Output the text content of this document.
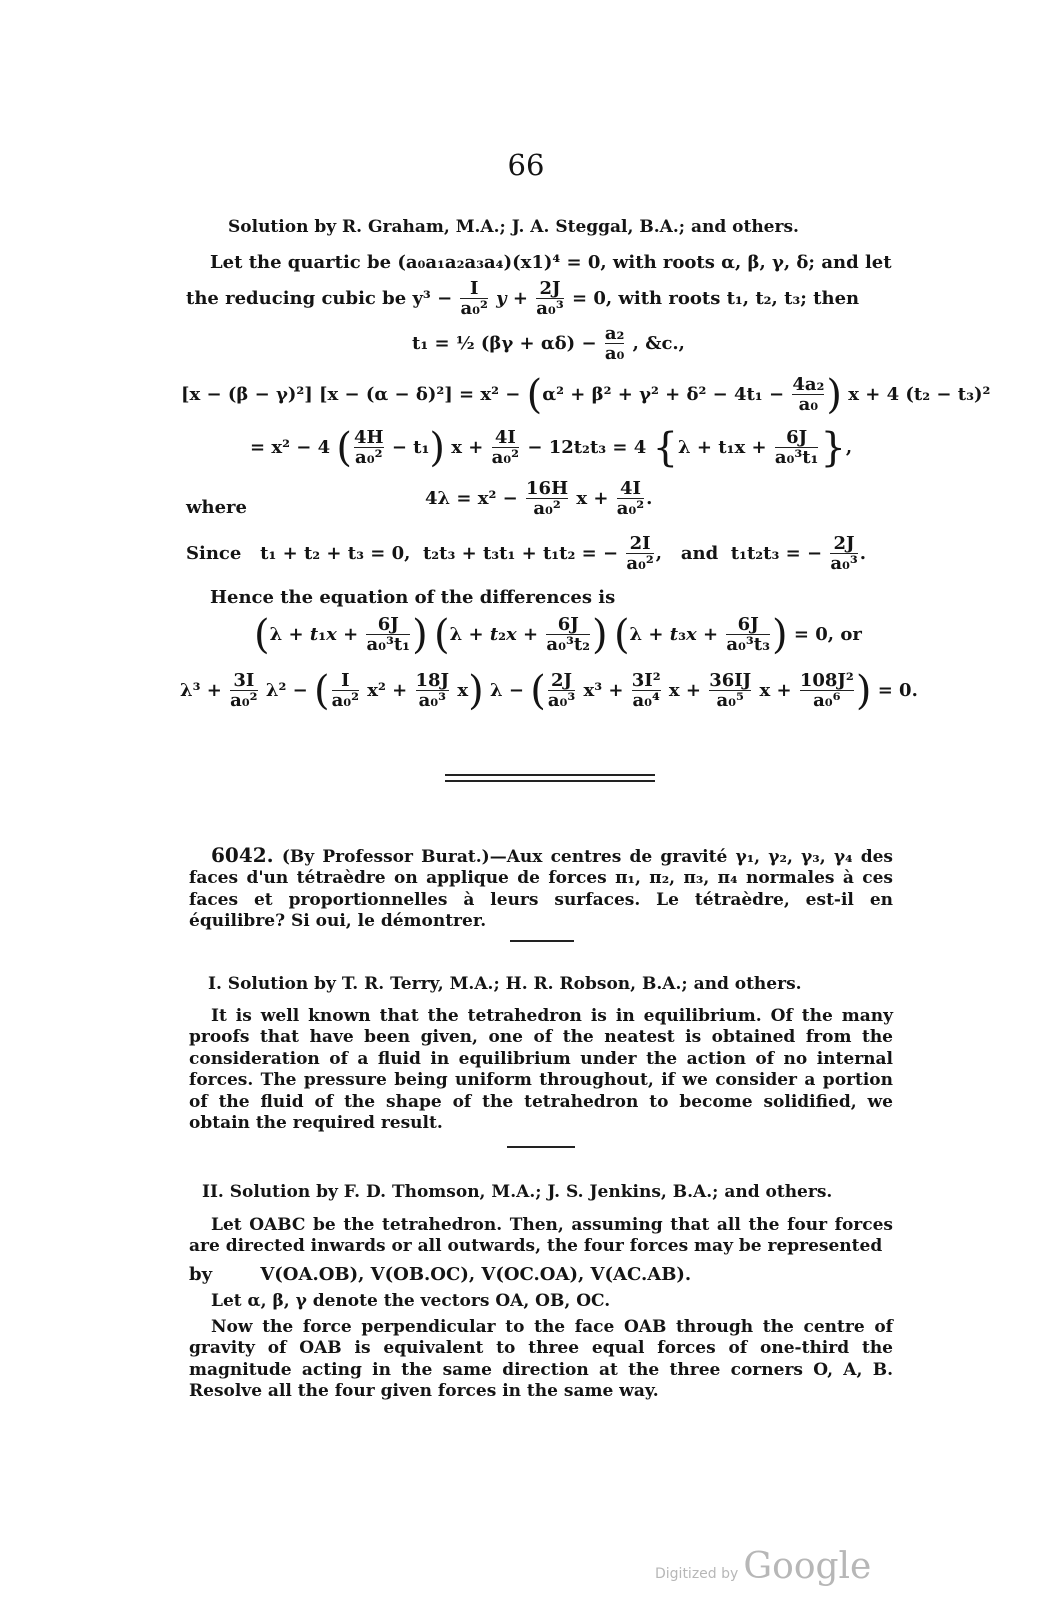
66
Solution by R. Graham, M.A.; J. A. Steggal, B.A.; and others.
Let the quartic be (a₀a₁a₂a₃a₄)(x1)⁴ = 0, with roots α, β, γ, δ; and let
the reducing cubic be $y^3 - \frac{I}{\text{a₀²}}$ $y + \frac{2J}{\text{a₀³}} = 0$, with roots t₁, t₂, t₃; then
t₁ = ½ $(\beta\gamma + \alpha\delta) - \frac{\text{a₂}}{\text{a₀}}$ , &c.,
[x − (β − γ)²] $[x - (\alpha - \delta)^2] = x^2 - (\alpha^2 + \beta^2 + \gamma^2 + \delta^2 - 4t_1 - \frac{\text{4a₂}}{\text{a₀}}$ ) x + 4 (t₂ − t₃)²
= x² − 4 ( $\frac{4H}{\text{a₀²}} - t_1$) $x + \frac{4I}{\text{a₀²}} - 12t_2t_3 = 4$ {$\lambda + t_1x + \frac{6J}{\text{a₀³t₁}}$ },
where	$4\lambda = x^2 - \frac{16H}{\text{a₀²}}$ $x + \frac{4I}{\text{a₀²}}$ .
Since t₁ + t₂ + t₃ = 0, t₂t₃ + t₃t₁ + t₁t₂ = − $\frac{2I}{\text{a₀²}}$ ,   and t₁t₂t₃ = − $\frac{2J}{\text{a₀³}}$ .
Hence the equation of the differences is
($\lambda + t_1x + \frac{6J}{\text{a₀³t₁}}$ ) ($\lambda + t_2x + \frac{6J}{\text{a₀³t₂}}$ ) ($\lambda + t_3x + \frac{6J}{\text{a₀³t₃}}$ ) = 0, or
$\lambda^3 + \frac{3I}{\text{a₀²}} \lambda^2$ − ( $\frac{I}{\text{a₀²}} x^2 + \frac{18J}{\text{a₀³}} x$) λ − ( $\frac{2J}{\text{a₀³}} x^3 + \frac{\text{3I²}}{\text{a₀⁴}}$ $x + \frac{36IJ}{\text{a₀⁵}}$ $x + \frac{\text{108J²}}{\text{a₀⁶}}$ ) = 0.
6042. (By Professor Burat.)—Aux centres de gravité γ₁, γ₂, γ₃, γ₄ des faces d'un tétraèdre on applique de forces π₁, π₂, π₃, π₄ normales à ces faces et proportionnelles à leurs surfaces. Le tétraèdre, est-il en équilibre? Si oui, le démontrer.
I. Solution by T. R. Terry, M.A.; H. R. Robson, B.A.; and others.
It is well known that the tetrahedron is in equilibrium. Of the many proofs that have been given, one of the neatest is obtained from the consideration of a fluid in equilibrium under the action of no internal forces. The pressure being uniform throughout, if we consider a portion of the fluid of the shape of the tetrahedron to become solidified, we obtain the required result.
II. Solution by F. D. Thomson, M.A.; J. S. Jenkins, B.A.; and others.
Let OABC be the tetrahedron. Then, assuming that all the four forces are directed inwards or all outwards, the four forces may be represented
by	V(OA.OB), V(OB.OC), V(OC.OA), V(AC.AB).
Let α, β, γ denote the vectors OA, OB, OC.
Now the force perpendicular to the face OAB through the centre of gravity of OAB is equivalent to three equal forces of one-third the magnitude acting in the same direction at the three corners O, A, B. Resolve all the four given forces in the same way.
Digitized by Google
